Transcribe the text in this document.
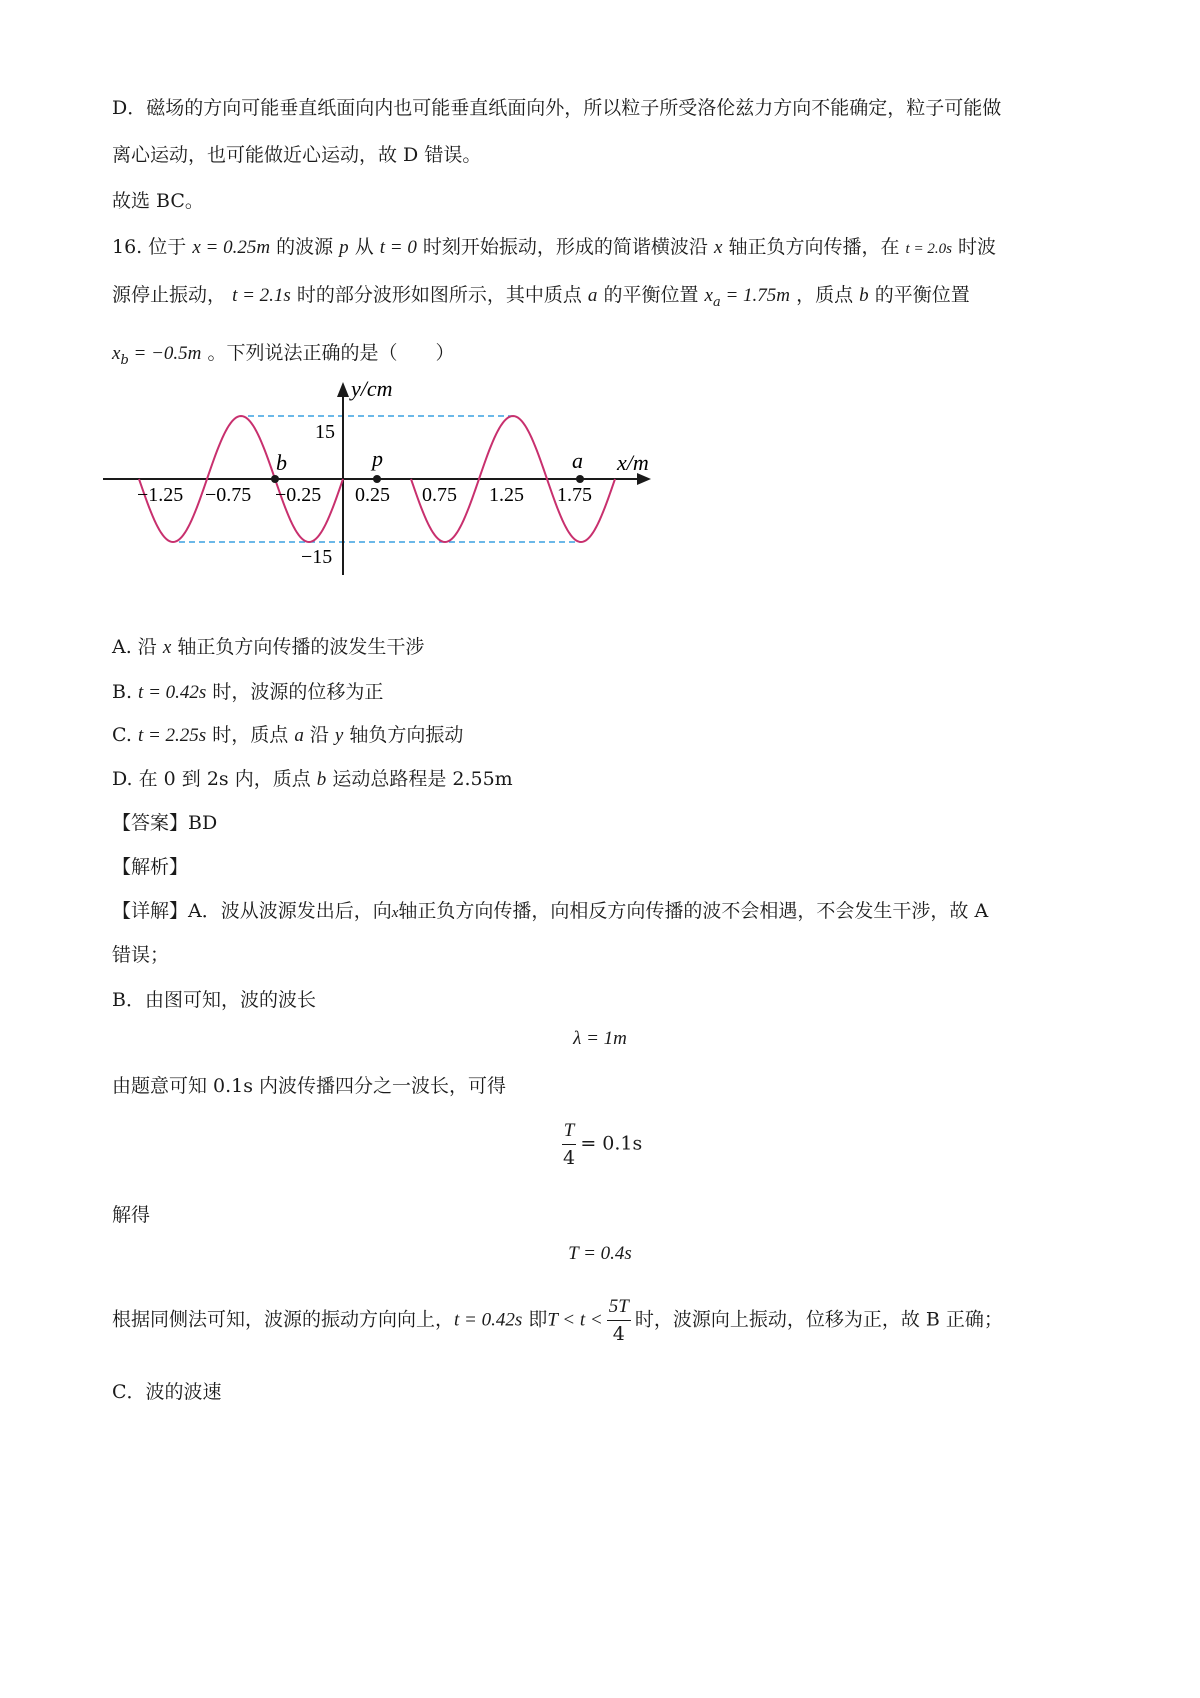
D．磁场的方向可能垂直纸面向内也可能垂直纸面向外，所以粒子所受洛伦兹力方向不能确定，粒子可能做
离心运动，也可能做近心运动，故 D 错误。
故选 BC。
16. 位于 x = 0.25m 的波源 p 从 t = 0 时刻开始振动，形成的简谐横波沿 x 轴正负方向传播，在 t = 2.0s 时波
源停止振动， t = 2.1s 时的部分波形如图所示，其中质点 a 的平衡位置 $x_a = 1.75m$ ，质点 b 的平衡位置
$x_b = -0.5m$ 。下列说法正确的是（　　）
y/cm
x/m
15
−15
−1.25 −0.75 −0.25 0.25 0.75 1.25 1.75
b	p	a
A. 沿 x 轴正负方向传播的波发生干涉
B. t = 0.42s 时，波源的位移为正
C. t = 2.25s 时，质点 a 沿 y 轴负方向振动
D. 在 0 到 2s 内，质点 b 运动总路程是 2.55m
【答案】BD
【解析】
【详解】A．波从波源发出后，向x轴正负方向传播，向相反方向传播的波不会相遇，不会发生干涉，故 A
错误；
B．由图可知，波的波长
λ = 1m
由题意可知 0.1s 内波传播四分之一波长，可得
$\frac{T}{4} = 0.1s$
解得
T = 0.4s
根据同侧法可知，波源的振动方向向上，t = 0.42s 即$T < t < \frac{5T}{4}$ 时，波源向上振动，位移为正，故 B 正确；
C．波的波速
